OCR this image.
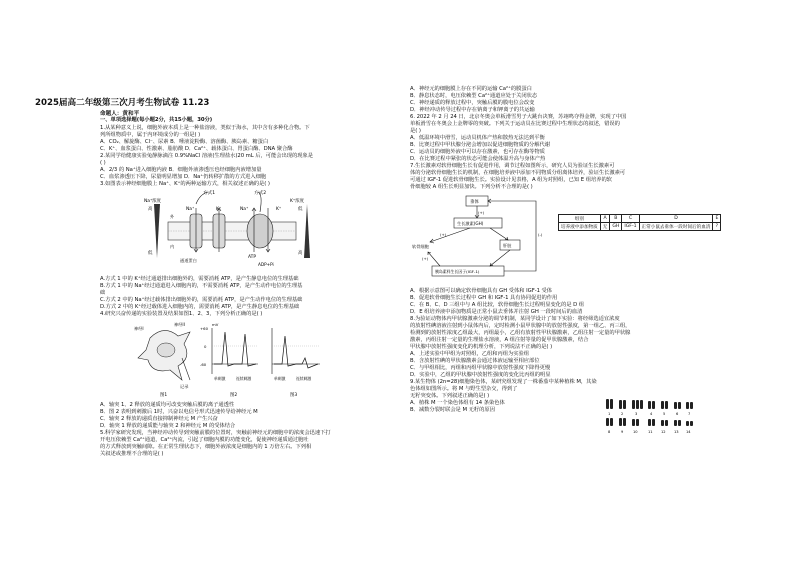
2025届高二年级第三次月考生物试卷 11.23
命题人：黄和平
一、单项选择题(每小题2分，共15小题，30分)
1.从某种意义上说，细胞外液本质上是一种盐溶液，类似于海水，其中含有多种化合物。下
列所组物质中，属于内环境成分的一组是( )
A．CO₂、解旋酶、Cl⁻、尿素 B．唾液淀粉酶、溶菌酶、胰岛素、糖蛋白
C．K⁺、血浆蛋白、性激素、脂肪酸 D．Ca²⁺、载体蛋白、胃蛋白酶、DNA 聚合酶
2.某同学给健康实验兔静脉滴注 0.9%NaCl 溶液(生理盐水)20 mL 后，可能会出现的现象是
( )
A．2/3 的 Na⁺进入细胞内液 B．细胞外液渗透压也经细胞内液增加量
C．血浆渗透压下降，尿量明显增加 D．Na⁺仍转移扩散的方式进入细胞
3.如图表示神经细胞膜上 Na⁺、K⁺的两种运输方式，相关叙述正确的是( )
方式1	方式2
Na⁺浓度	K⁺浓度
高
低
低
高
通道蛋白
Na⁺	K⁺	Na⁺	K⁺
ATP
ADP+Pi
外
内
A.方式 1 中的 K⁺经过通道排出细胞外的，需要消耗 ATP，是产生静息电位的生理基础
B.方式 1 中的 Na⁺经过通道进入细胞内的，不需要消耗 ATP，是产生动作电位的生理基
础
C.方式 2 中的 Na⁺经过载体排出细胞外的，需要消耗 ATP，是产生动作电位的生理基础
D.方式 2 中的 K⁺经过载体进入细胞内的，需要消耗 ATP，是产生静息电位的生理基础
4.研究兴奋传递的实验装置及结果如图1、2、3，下列分析正确的是( )
神经I
神经II
记录
图1
+60
0
-60
mV
单刺激	连续刺激
图2
单刺激	连续刺激
图3
A．轴突 1、2 释放的递质均可改变突触后膜的离子通透性
B．图 2 表明到刺激后 1时，兴奋以电信号形式迅速传导给神经元 M
C．轴突 2 释放的递质直接抑制神经元 M 产生兴奋
D．轴突 1 释放的递质能与轴突 2 和神经元 M 的受体结合
5.科学家研究发现，当神经冲动传导到突触前膜的位置时，突触前神经元的细胞中的浓度会迅速下打
开电压依赖型 Ca²⁺通道，Ca²⁺内流，引起了细胞内膜的功能变化，促使神经递质通过胞吐
的方式释放到突触间隙。在正常生理状态下，细胞外液浓度是细胞内的 1 万倍左右。下列相
关叙述或推理不合理的是( )
A．神经元的细胞膜上存在不同的运输 Ca²⁺的膜蛋白
B．静息状态时，电压依赖型 Ca²⁺通道应处于关闭状态
C．神经递质的释放过程中，突触后膜的膜电位会改变
D．神经冲动传导过程中存在钠离子和钾离子的共运输
6. 2022 年 2 月 24 日，北京冬奥会单板滑雪男子大跳台决赛，苏翊鸣夺得金牌，实现了中国
单板滑雪在冬奥会上金牌零的突破。下列关于运动员在比赛过程中生理状态的叙述，错误的
是( )
A．低温环境中滑雪，运动员机体产热和散热无法达到平衡
B．比赛过程中甲状腺分泌会增加以促进细胞物质的分解代谢
C．运动员的细胞外液中可以存在激素，也可存在酶等物质
D．在比赛过程中紧张的状态可能会使体温升高与身体产热
7.生长激素对软骨细胞生长有促进作用，调节过程如图所示，研究人员为验证生长激素可
体的分泌软骨细胞生长的机制，在细胞培养液中添加不同物质分组离体培养，验证生长激素可
可通过 IGF-1 促进软骨细胞生长。实验设计见表格，A 组为对照组，已知 E 组培养的软
骨细胞较 A 组生长明显加快。下列分析不合理的是( )
垂体
生长激素(GH)
软骨细胞	肝脏
胰岛素样生长因子(IGF-1)
(+)
(+)
(+)
(-)
组别	A	B	C	D	E
培养液中添加物质	无	GH	IGF-1	正常小鼠去垂体一段时间后的血清	?
A．根据示意图可以确定软骨细胞具有 GH 受体和 IGF-1 受体
B．促进软骨细胞生长过程中 GH 和 IGF-1 具有协同促进的作用
C．在 B、C、D 三组中与 A 组比较，软骨细胞生长过程明显变化的是 D 组
D．E 组培养液中添加物质是正常小鼠去垂体并注射 GH 一段时间后的血清
8.为验证动物体内甲状腺激素分泌的调节机制，某同学设计了如下实验：将经筛选适宜浓度
的放射性碘溶液注射到小鼠体内后，定时检测小鼠甲状腺中的放射性强度，第一组乙、丙三组，
检测到的放射性浓度乙组最大，丙组最小，乙组有放射性甲状腺激素，乙组注射一定量的甲状腺
激素，丙组注射一定量的生理盐水溶液，A 组注射等量的促甲状腺激素，结合
甲状腺中放射性强度变化的机理分析，下列说法不正确的是( )
A．上述实验中甲组为对照组，乙组和丙组为实验组
B．含放射性碘的甲状腺激素会通过体液运输至相应部位
C．与甲组相比，丙组和丙组甲状腺中放射性强度下降得更慢
D．实验中，乙组的甲状腺中放射性强度的变化比丙组的明显
9.某生物体 (2n=28)细胞染色体，某研究组发现了一株番茄中某种植株 M，其染
色体组如图所示。将 M 与野生型杂交，得到了
无籽突变体。下列叙述正确的是( )
A．植株 M 一个染色体组有 14 条染色体
B．减数分裂时联会是 M 无籽的原因
1	2	3	4	5	6	7
8	9	10	11 12 13 14
